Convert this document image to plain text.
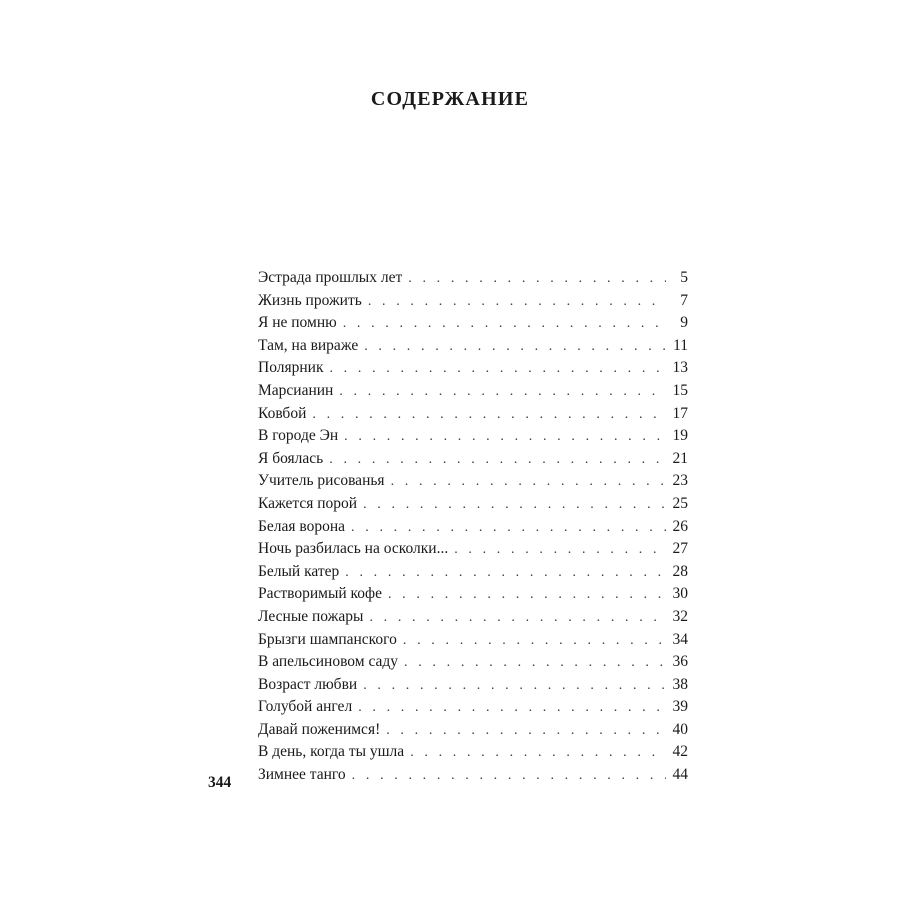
СОДЕРЖАНИЕ
Эстрада прошлых лет . . .	5
Жизнь прожить . . .	7
Я не помню . . .	9
Там, на вираже . . .	11
Полярник . . .	13
Марсианин . . .	15
Ковбой . . .	17
В городе Эн . . .	19
Я боялась . . .	21
Учитель рисованья . . .	23
Кажется порой . . .	25
Белая ворона . . .	26
Ночь разбилась на осколки... . . .	27
Белый катер . . .	28
Растворимый кофе . . .	30
Лесные пожары . . .	32
Брызги шампанского . . .	34
В апельсиновом саду . . .	36
Возраст любви . . .	38
Голубой ангел . . .	39
Давай поженимся! . . .	40
В день, когда ты ушла . . .	42
Зимнее танго . . .	44
344
